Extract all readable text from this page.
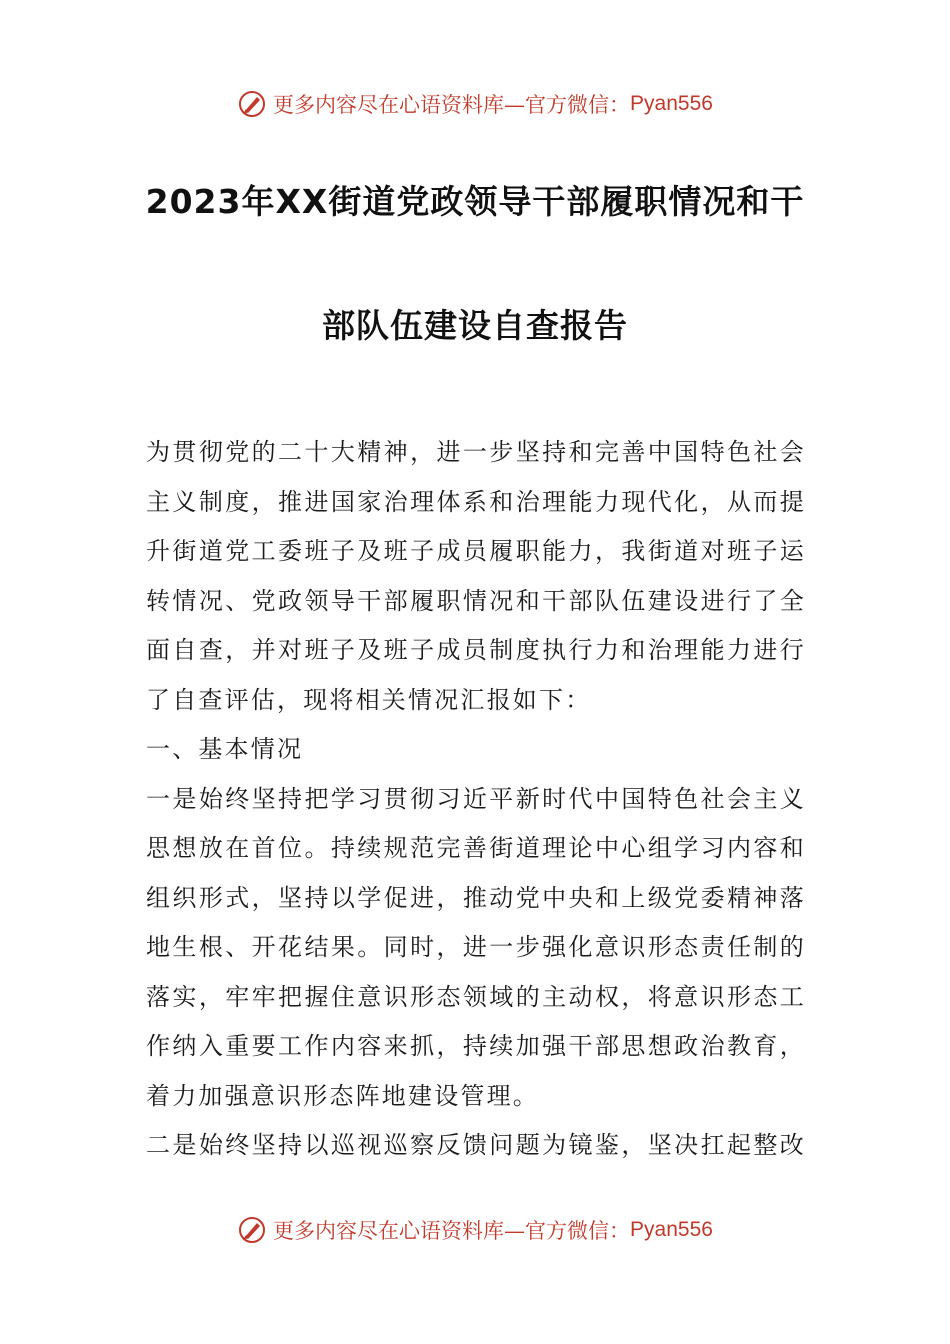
更多内容尽在心语资料库—官方微信： Pyan556
2023年XX街道党政领导干部履职情况和干
部队伍建设自查报告

为贯彻党的二十大精神，进一步坚持和完善中国特色社会

主义制度，推进国家治理体系和治理能力现代化，从而提

升街道党工委班子及班子成员履职能力，我街道对班子运

转情况、党政领导干部履职情况和干部队伍建设进行了全

面自查，并对班子及班子成员制度执行力和治理能力进行

了自查评估，现将相关情况汇报如下：

一、基本情况

一是始终坚持把学习贯彻习近平新时代中国特色社会主义

思想放在首位。持续规范完善街道理论中心组学习内容和

组织形式，坚持以学促进，推动党中央和上级党委精神落

地生根、开花结果。同时，进一步强化意识形态责任制的

落实，牢牢把握住意识形态领域的主动权，将意识形态工

作纳入重要工作内容来抓，持续加强干部思想政治教育，

着力加强意识形态阵地建设管理。

二是始终坚持以巡视巡察反馈问题为镜鉴，坚决扛起整改

更多内容尽在心语资料库—官方微信： Pyan556
